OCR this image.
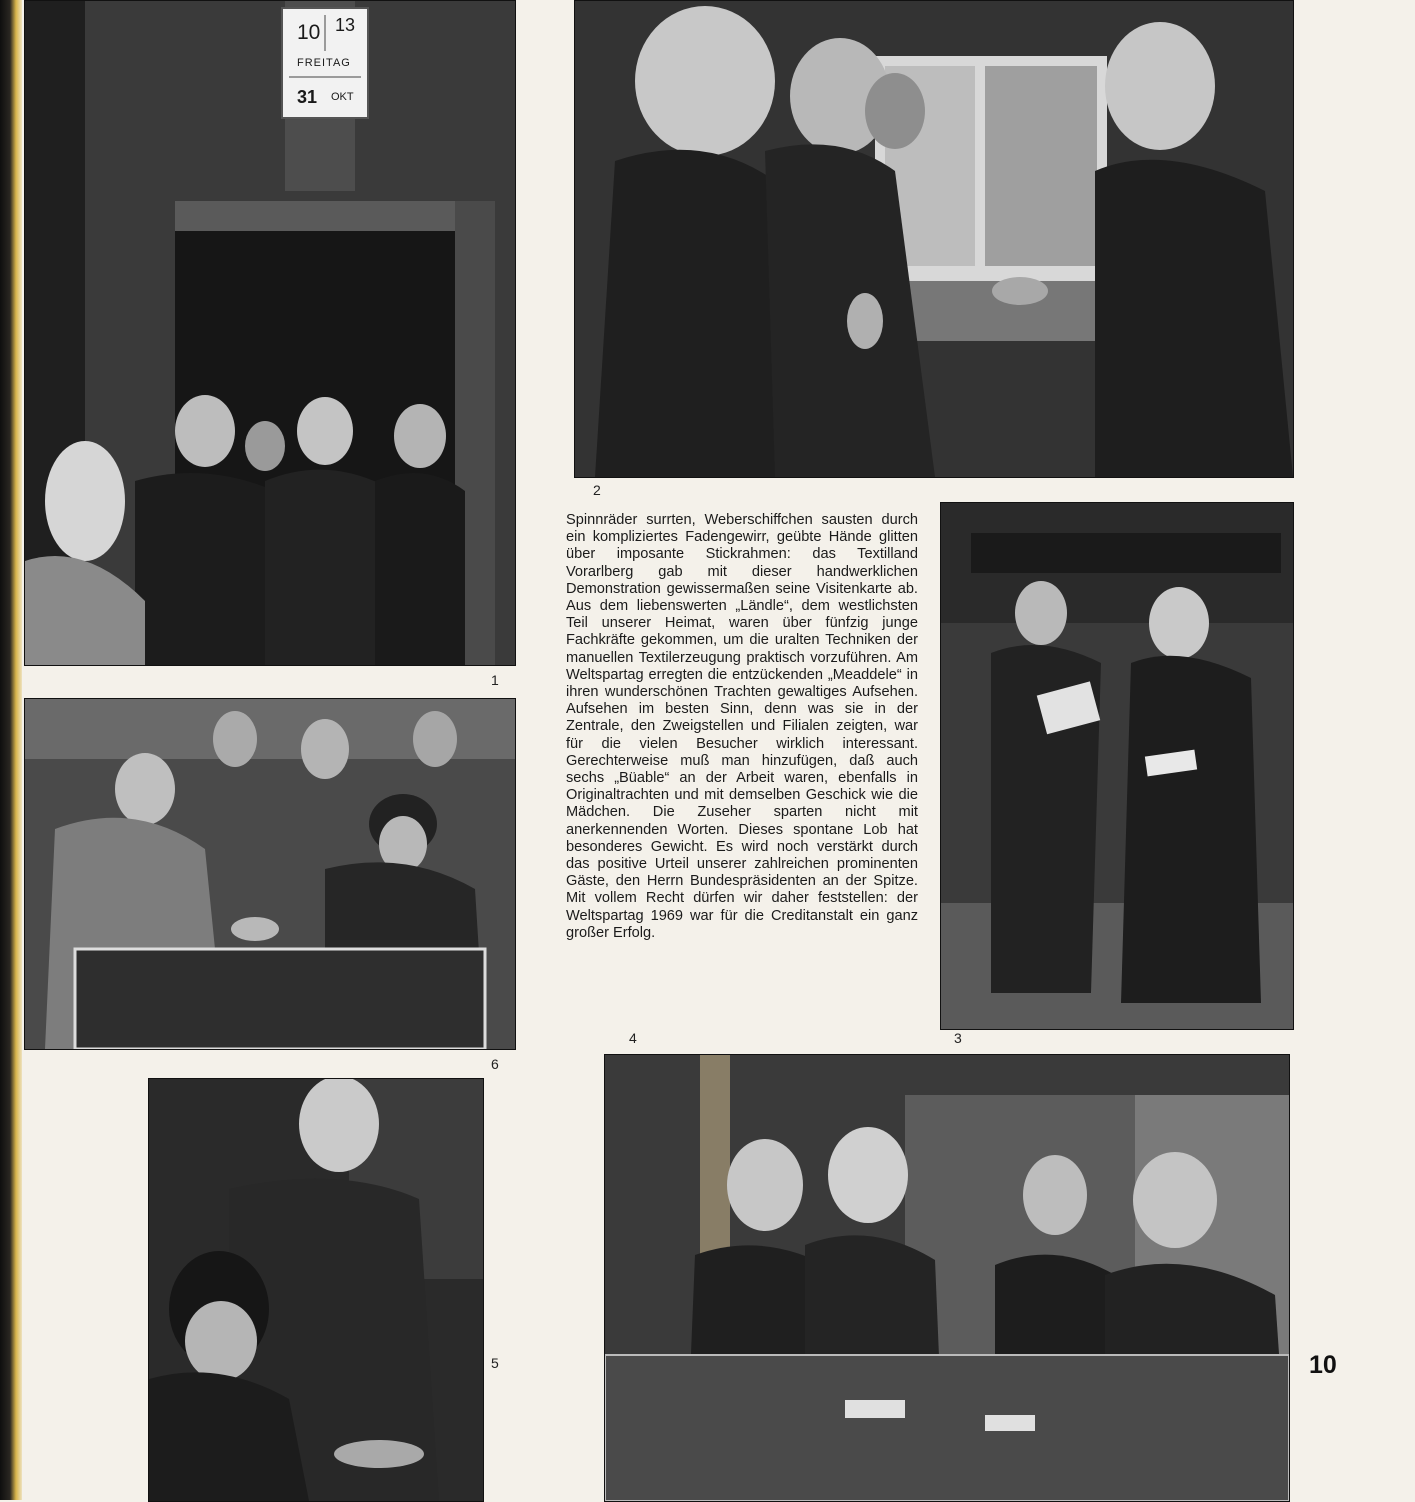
10 13
FREITAG
31 OKT
1
2
3
6

Spinnräder surrten, Weberschiffchen sausten durch ein kompliziertes Fadengewirr, geübte Hände glitten über imposante Stickrahmen: das Textilland Vorarlberg gab mit dieser handwerklichen Demonstration gewissermaßen seine Visitenkarte ab. Aus dem liebenswerten „Ländle“, dem westlichsten Teil unserer Heimat, waren über fünfzig junge Fachkräfte gekommen, um die uralten Techniken der manuellen Textilerzeugung praktisch vorzuführen. Am Weltspartag erregten die entzückenden „Meaddele“ in ihren wunderschönen Trachten gewaltiges Aufsehen. Aufsehen im besten Sinn, denn was sie in der Zentrale, den Zweigstellen und Filialen zeigten, war für die vielen Besucher wirklich interessant. Gerechterweise muß man hinzufügen, daß auch sechs „Büable“ an der Arbeit waren, ebenfalls in Originaltrachten und mit demselben Geschick wie die Mädchen. Die Zuseher sparten nicht mit anerkennenden Worten. Dieses spontane Lob hat besonderes Gewicht. Es wird noch verstärkt durch das positive Urteil unserer zahlreichen prominenten Gäste, den Herrn Bundespräsidenten an der Spitze. Mit vollem Recht dürfen wir daher feststellen: der Weltspartag 1969 war für die Creditanstalt ein ganz großer Erfolg.

4
5	10
